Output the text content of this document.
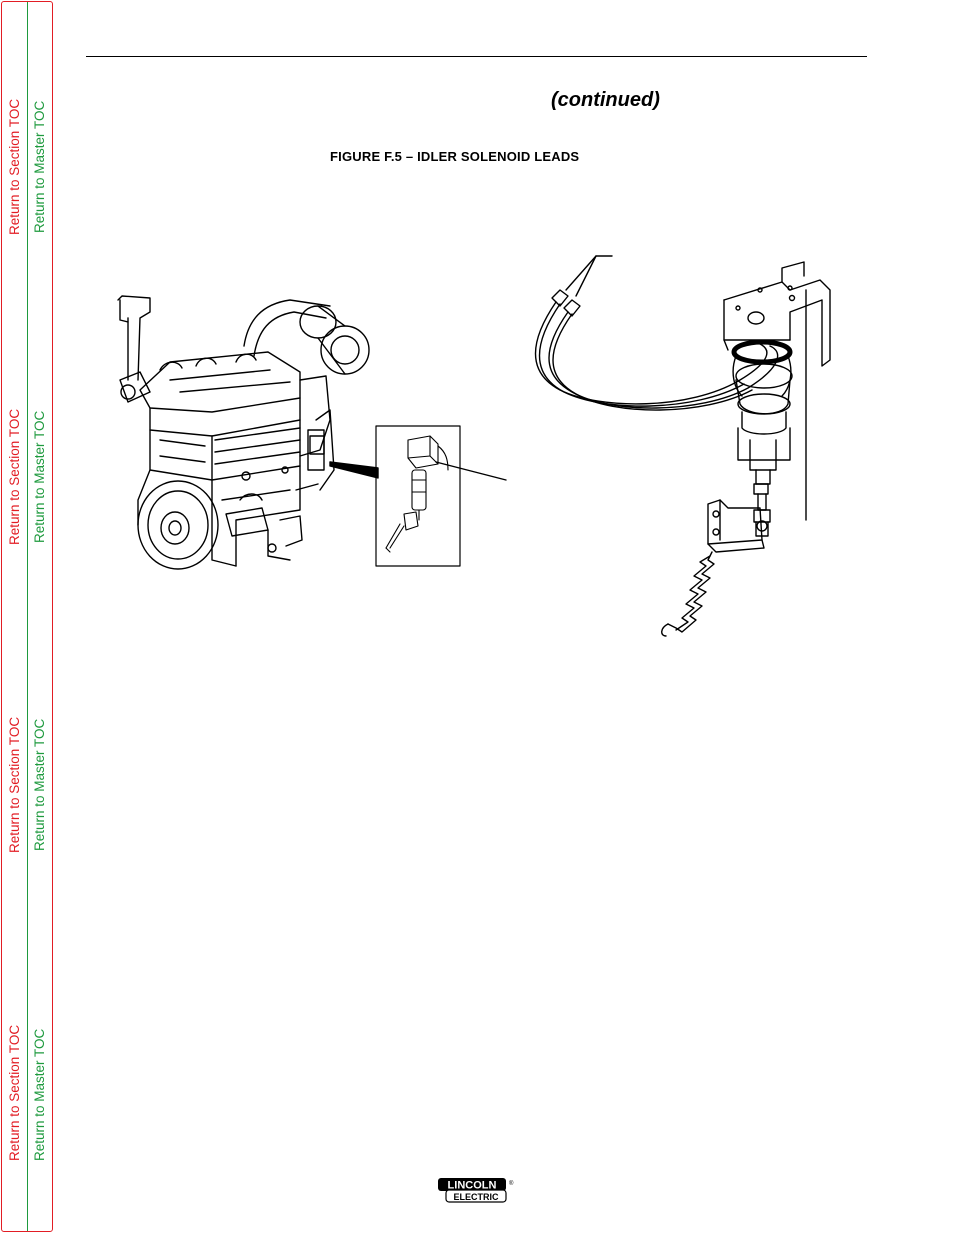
Return to Section TOC Return to Master TOC
Return to Section TOC Return to Master TOC
Return to Section TOC Return to Master TOC
Return to Section TOC Return to Master TOC
(continued)
FIGURE F.5 – IDLER SOLENOID LEADS
LINCOLN
ELECTRIC
®
